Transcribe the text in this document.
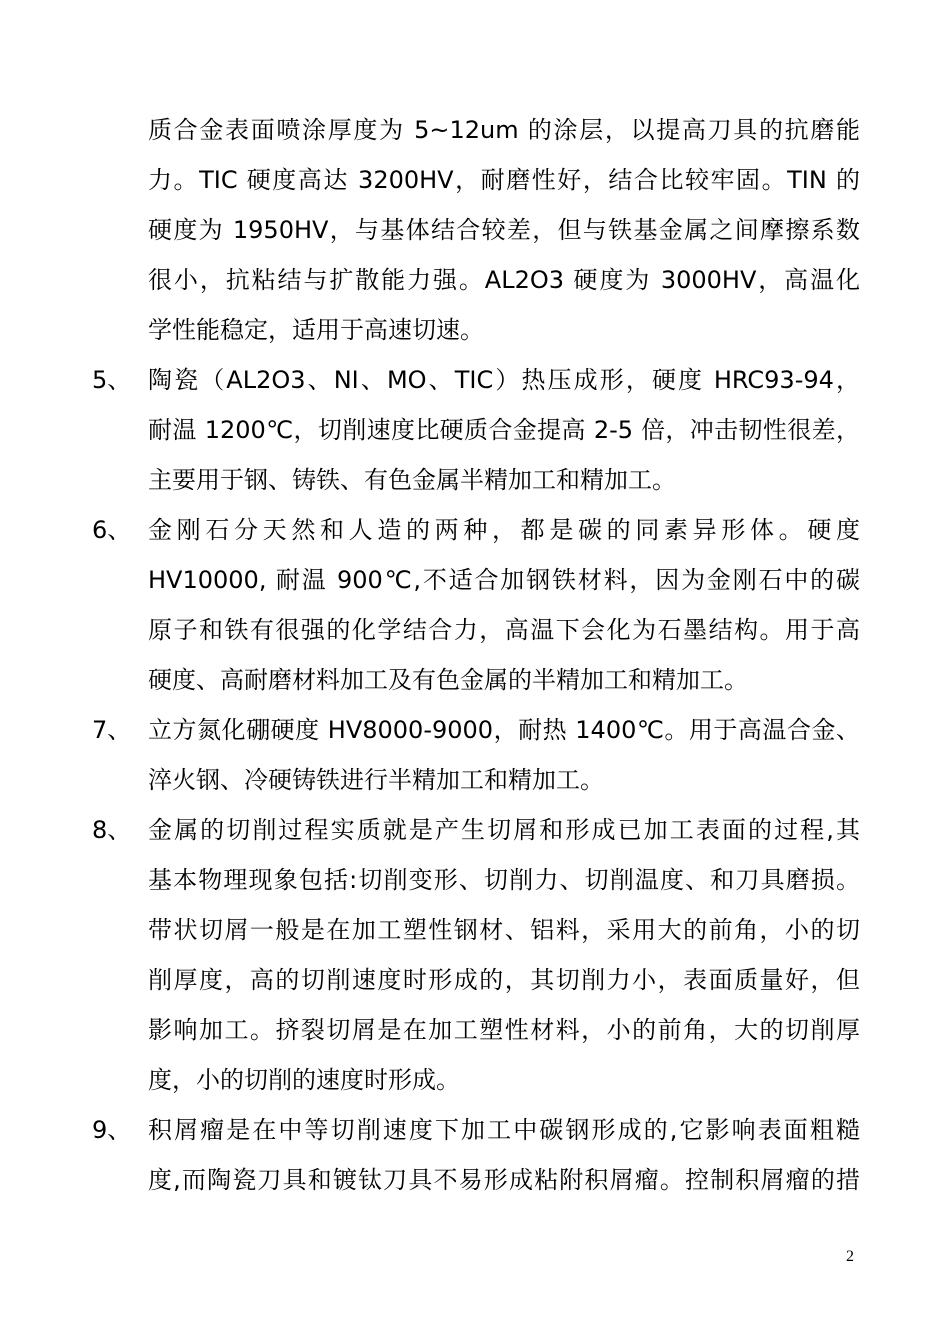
质合金表面喷涂厚度为 5~12um 的涂层，以提高刀具的抗磨能
力。TIC 硬度高达 3200HV，耐磨性好，结合比较牢固。TIN 的
硬度为 1950HV，与基体结合较差，但与铁基金属之间摩擦系数
很小，抗粘结与扩散能力强。AL2O3 硬度为 3000HV，高温化
学性能稳定，适用于高速切速。
5、 陶瓷（AL2O3、NI、MO、TIC）热压成形，硬度 HRC93-94，
耐温 1200℃，切削速度比硬质合金提高 2-5 倍，冲击韧性很差，
主要用于钢、铸铁、有色金属半精加工和精加工。
6、 金刚石分天然和人造的两种，都是碳的同素异形体。硬度
HV10000, 耐温 900℃,不适合加钢铁材料，因为金刚石中的碳
原子和铁有很强的化学结合力，高温下会化为石墨结构。用于高
硬度、高耐磨材料加工及有色金属的半精加工和精加工。
7、 立方氮化硼硬度 HV8000-9000，耐热 1400℃。用于高温合金、
淬火钢、冷硬铸铁进行半精加工和精加工。
8、 金属的切削过程实质就是产生切屑和形成已加工表面的过程,其
基本物理现象包括:切削变形、切削力、切削温度、和刀具磨损。
带状切屑一般是在加工塑性钢材、铝料，采用大的前角，小的切
削厚度，高的切削速度时形成的，其切削力小，表面质量好，但
影响加工。挤裂切屑是在加工塑性材料，小的前角，大的切削厚
度，小的切削的速度时形成。
9、 积屑瘤是在中等切削速度下加工中碳钢形成的,它影响表面粗糙
度,而陶瓷刀具和镀钛刀具不易形成粘附积屑瘤。控制积屑瘤的措
2
